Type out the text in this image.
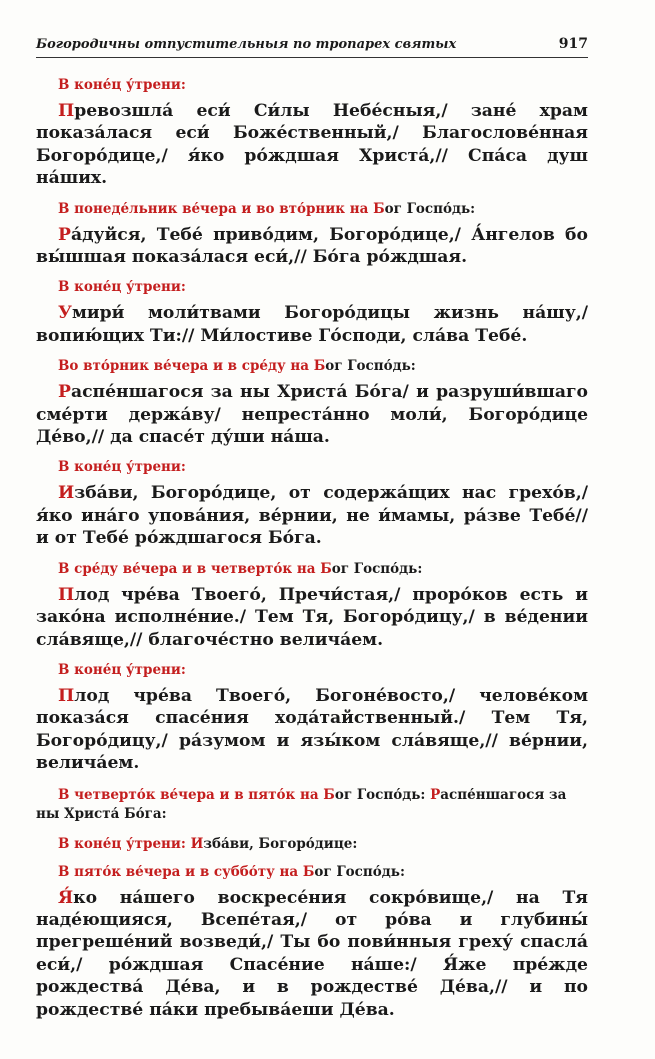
Богородичны отпустительныя по тропарех святых	917
В коне́ц у́трени:

Превозшла́ еси́ Си́лы Небе́сныя,/ зане́ храм показа́лася еси́ Боже́ственный,/ Благослове́нная Богоро́дице,/ я́ко ро́ждшая Христа́,// Спа́са душ на́ших.

В понеде́льник ве́чера и во вто́рник на Бог Госпо́дь:

Ра́дуйся, Тебе́ приво́дим, Богоро́дице,/ А́нгелов бо вы́шшая показа́лася еси́,// Бо́га ро́ждшая.

В коне́ц у́трени:

Умири́ моли́твами Богоро́дицы жизнь на́шу,/ вопию́щих Ти:// Ми́лостиве Го́споди, сла́ва Тебе́.

Во вто́рник ве́чера и в сре́ду на Бог Госпо́дь:

Распе́ншагося за ны Христа́ Бо́га/ и разруши́вшаго сме́рти держа́ву/ непреста́нно моли́, Богоро́дице Де́во,// да спасе́т ду́ши на́ша.

В коне́ц у́трени:

Изба́ви, Богоро́дице, от содержа́щих нас грехо́в,/ я́ко ина́го упова́ния, ве́рнии, не и́мамы, ра́зве Тебе́// и от Тебе́ ро́ждшагося Бо́га.

В сре́ду ве́чера и в четверто́к на Бог Госпо́дь:

Плод чре́ва Твоего́, Пречи́стая,/ проро́ков есть и зако́на исполне́ние./ Тем Тя, Богоро́дицу,/ в ве́дении сла́вяще,// благоче́стно велича́ем.

В коне́ц у́трени:

Плод чре́ва Твоего́, Богоне́восто,/ челове́ком показа́ся спасе́ния хода́тайственный./ Тем Тя, Богоро́дицу,/ ра́зумом и язы́ком сла́вяще,// ве́рнии, велича́ем.

В четверто́к ве́чера и в пято́к на Бог Госпо́дь: Распе́ншагося за ны Христа́ Бо́га:
В коне́ц у́трени: Изба́ви, Богоро́дице:
В пято́к ве́чера и в суббо́ту на Бог Госпо́дь:

Я́ко на́шего воскресе́ния сокро́вище,/ на Тя наде́ющияся, Всепе́тая,/ от ро́ва и глубины́ прегреше́ний возведи́,/ Ты бо пови́нныя греху́ спасла́ еси́,/ ро́ждшая Спасе́ние на́ше:/ Я́же пре́жде рождества́ Де́ва, и в рождестве́ Де́ва,// и по рождестве́ па́ки пребыва́еши Де́ва.
